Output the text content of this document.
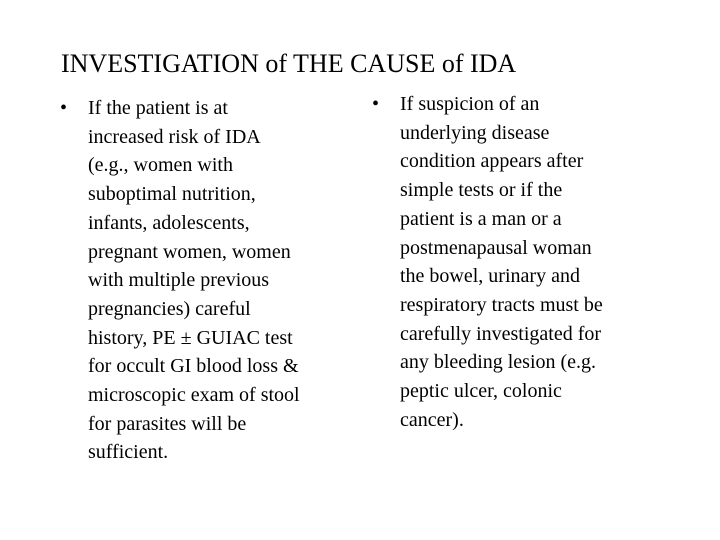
INVESTIGATION of THE CAUSE of IDA
• If the patient is at
increased risk of IDA
(e.g., women with
suboptimal nutrition,
infants, adolescents,
pregnant women, women
with multiple previous
pregnancies) careful
history, PE ± GUIAC test
for occult GI blood loss &
microscopic exam of stool
for parasites will be
sufficient.
• If suspicion of an
underlying disease
condition appears after
simple tests or if the
patient is a man or a
postmenapausal woman
the bowel, urinary and
respiratory tracts must be
carefully investigated for
any bleeding lesion (e.g.
peptic ulcer, colonic
cancer).
